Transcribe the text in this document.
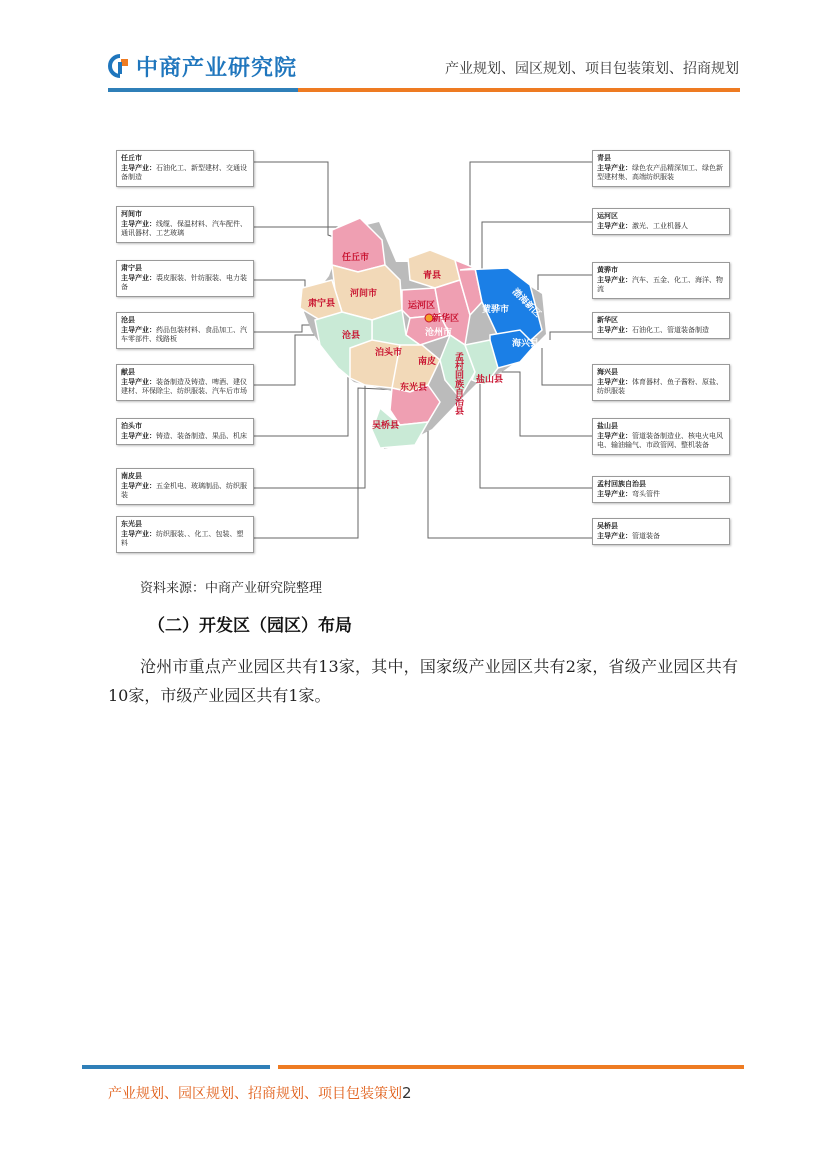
中商产业研究院	产业规划、园区规划、项目包装策划、招商规划
任丘市
青县
河间市
肃宁县	运河区
新华区
沧县	沧州市
黄骅市 渤海新区
海兴县
泊头市
南皮 孟村回族自治县 盐山县
东光县
吴桥县
任丘市
主导产业：石油化工、新型建材、交通设备制造
河间市
主导产业：线缆、保温材料、汽车配件、通讯器材、工艺玻璃
肃宁县
主导产业：裘皮服装、针纺服装、电力装备
沧县
主导产业：药品包装材料、食品加工、汽车零部件、线路板
献县
主导产业：装备制造及铸造、啤酒、建仪建材、环保除尘、纺织服装、汽车后市场
泊头市
主导产业：铸造、装备制造、果品、机床
南皮县
主导产业：五金机电、玻璃制品、纺织服装
东光县
主导产业：纺织服装、、化工、包装、塑料
青县
主导产业：绿色农产品精深加工、绿色新型建材集、高端纺织服装
运河区
主导产业：激光、工业机器人
黄骅市
主导产业：汽车、五金、化工、海洋、物流
新华区
主导产业：石油化工、管道装备制造
海兴县
主导产业：体育器材、鱼子酱粉、原盐、纺织服装
盐山县
主导产业：管道装备制造业、核电火电风电、输油输气、市政管网、整机装备
孟村回族自治县
主导产业：弯头管件
吴桥县
主导产业：管道装备
资料来源：中商产业研究院整理
（二）开发区（园区）布局
沧州市重点产业园区共有13家，其中，国家级产业园区共有2家，省级产业园区共有10家，市级产业园区共有1家。
产业规划、园区规划、招商规划、项目包装策划2
